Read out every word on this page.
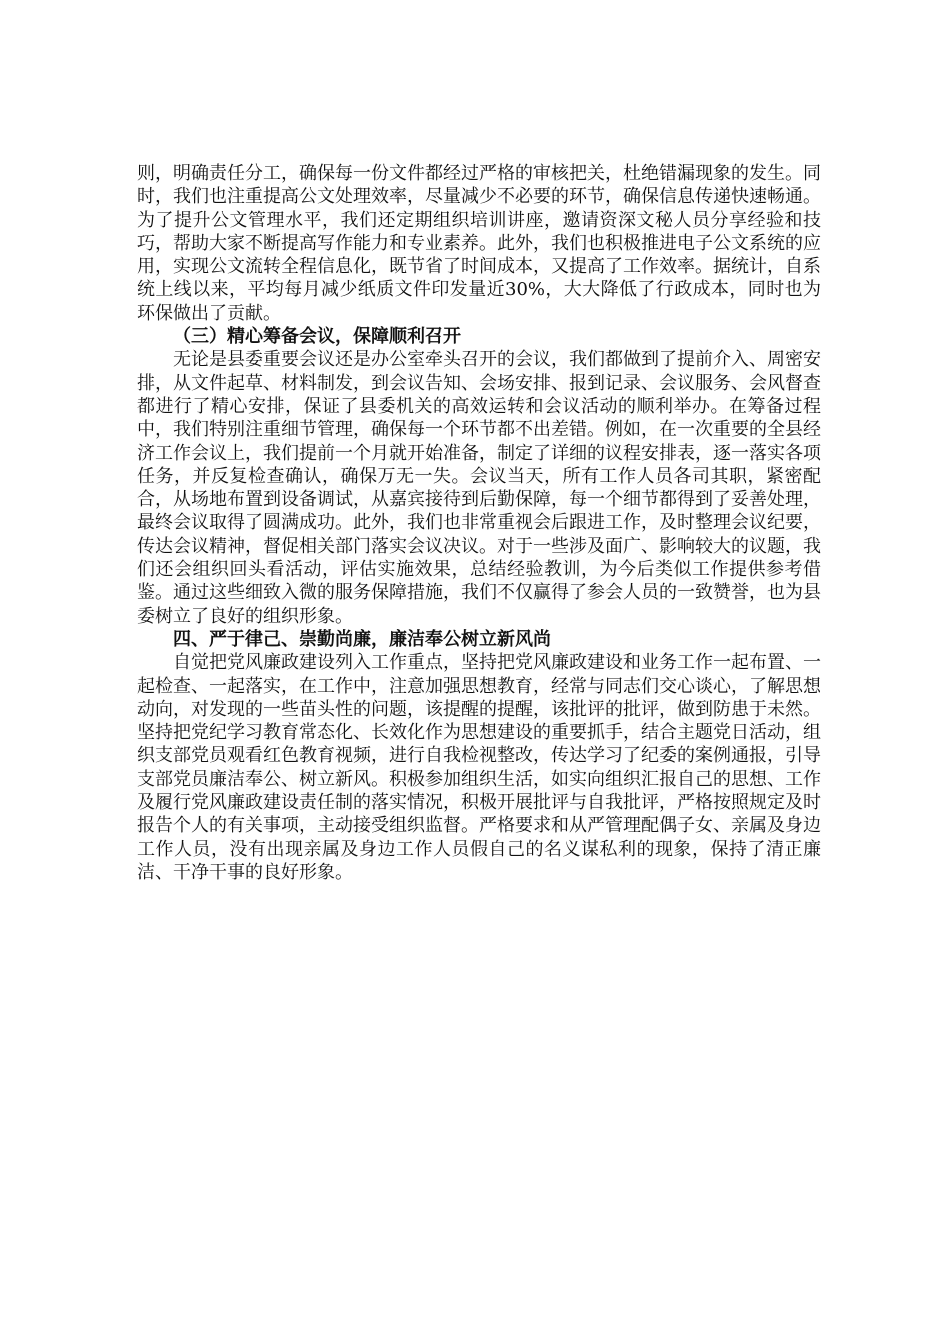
则，明确责任分工，确保每一份文件都经过严格的审核把关，杜绝错漏现象的发生。同时，我们也注重提高公文处理效率，尽量减少不必要的环节，确保信息传递快速畅通。为了提升公文管理水平，我们还定期组织培训讲座，邀请资深文秘人员分享经验和技巧，帮助大家不断提高写作能力和专业素养。此外，我们也积极推进电子公文系统的应用，实现公文流转全程信息化，既节省了时间成本，又提高了工作效率。据统计，自系统上线以来，平均每月减少纸质文件印发量近30%，大大降低了行政成本，同时也为环保做出了贡献。

（三）精心筹备会议，保障顺利召开

无论是县委重要会议还是办公室牵头召开的会议，我们都做到了提前介入、周密安排，从文件起草、材料制发，到会议告知、会场安排、报到记录、会议服务、会风督查都进行了精心安排，保证了县委机关的高效运转和会议活动的顺利举办。在筹备过程中，我们特别注重细节管理，确保每一个环节都不出差错。例如，在一次重要的全县经济工作会议上，我们提前一个月就开始准备，制定了详细的议程安排表，逐一落实各项任务，并反复检查确认，确保万无一失。会议当天，所有工作人员各司其职，紧密配合，从场地布置到设备调试，从嘉宾接待到后勤保障，每一个细节都得到了妥善处理，最终会议取得了圆满成功。此外，我们也非常重视会后跟进工作，及时整理会议纪要，传达会议精神，督促相关部门落实会议决议。对于一些涉及面广、影响较大的议题，我们还会组织回头看活动，评估实施效果，总结经验教训，为今后类似工作提供参考借鉴。通过这些细致入微的服务保障措施，我们不仅赢得了参会人员的一致赞誉，也为县委树立了良好的组织形象。

四、严于律己、崇勤尚廉，廉洁奉公树立新风尚

自觉把党风廉政建设列入工作重点，坚持把党风廉政建设和业务工作一起布置、一起检查、一起落实，在工作中，注意加强思想教育，经常与同志们交心谈心，了解思想动向，对发现的一些苗头性的问题，该提醒的提醒，该批评的批评，做到防患于未然。坚持把党纪学习教育常态化、长效化作为思想建设的重要抓手，结合主题党日活动，组织支部党员观看红色教育视频，进行自我检视整改，传达学习了纪委的案例通报，引导支部党员廉洁奉公、树立新风。积极参加组织生活，如实向组织汇报自己的思想、工作及履行党风廉政建设责任制的落实情况，积极开展批评与自我批评，严格按照规定及时报告个人的有关事项，主动接受组织监督。严格要求和从严管理配偶子女、亲属及身边工作人员，没有出现亲属及身边工作人员假自己的名义谋私利的现象，保持了清正廉洁、干净干事的良好形象。
